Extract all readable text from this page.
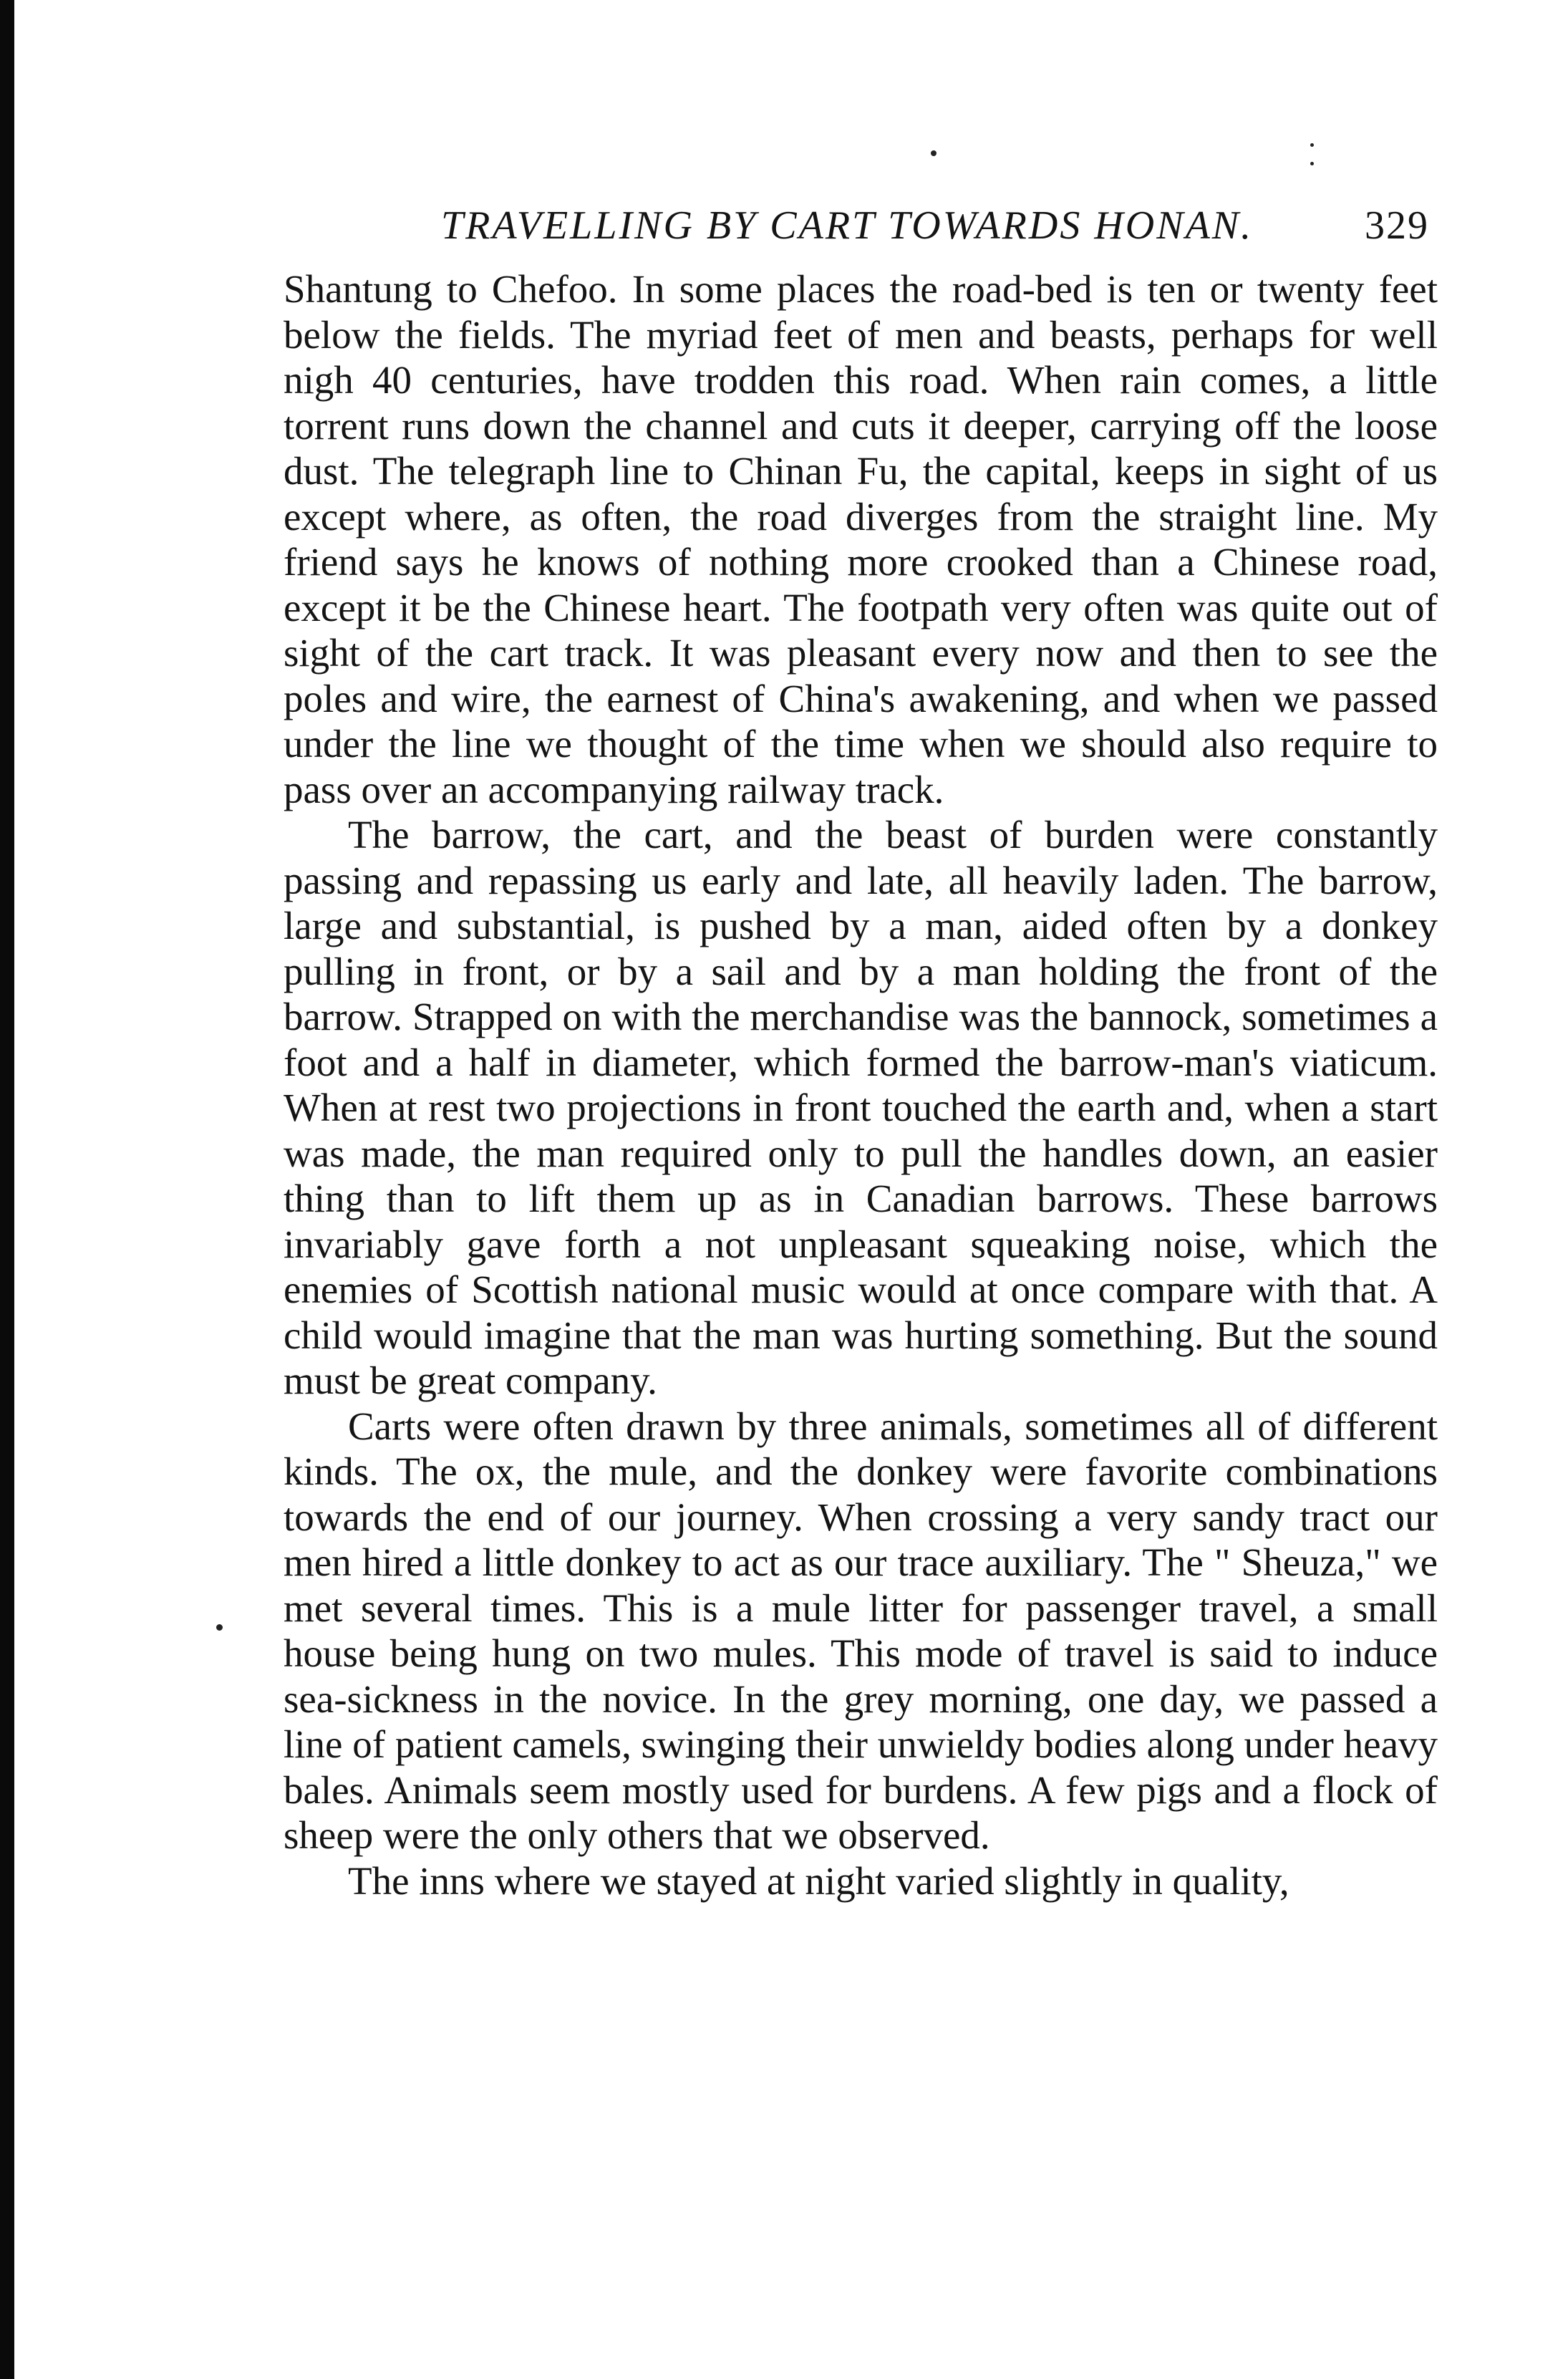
TRAVELLING BY CART TOWARDS HONAN.	329

Shantung to Chefoo. In some places the road-bed is ten or twenty feet below the fields. The myriad feet of men and beasts, perhaps for well nigh 40 centuries, have trodden this road. When rain comes, a little torrent runs down the channel and cuts it deeper, carrying off the loose dust. The telegraph line to Chinan Fu, the capital, keeps in sight of us except where, as often, the road diverges from the straight line. My friend says he knows of nothing more crooked than a Chinese road, except it be the Chinese heart. The footpath very often was quite out of sight of the cart track. It was pleasant every now and then to see the poles and wire, the earnest of China's awakening, and when we passed under the line we thought of the time when we should also require to pass over an accompanying railway track.

The barrow, the cart, and the beast of burden were constantly passing and repassing us early and late, all heavily laden. The barrow, large and substantial, is pushed by a man, aided often by a donkey pulling in front, or by a sail and by a man holding the front of the barrow. Strapped on with the merchandise was the bannock, sometimes a foot and a half in diameter, which formed the barrow-man's viaticum. When at rest two projections in front touched the earth and, when a start was made, the man required only to pull the handles down, an easier thing than to lift them up as in Canadian barrows. These barrows invariably gave forth a not unpleasant squeaking noise, which the enemies of Scottish national music would at once compare with that. A child would imagine that the man was hurting something. But the sound must be great company.

Carts were often drawn by three animals, sometimes all of different kinds. The ox, the mule, and the donkey were favorite combinations towards the end of our journey. When crossing a very sandy tract our men hired a little donkey to act as our trace auxiliary. The " Sheuza," we met several times. This is a mule litter for passenger travel, a small house being hung on two mules. This mode of travel is said to induce sea-sickness in the novice. In the grey morning, one day, we passed a line of patient camels, swinging their unwieldy bodies along under heavy bales. Animals seem mostly used for burdens. A few pigs and a flock of sheep were the only others that we observed.

The inns where we stayed at night varied slightly in quality,
